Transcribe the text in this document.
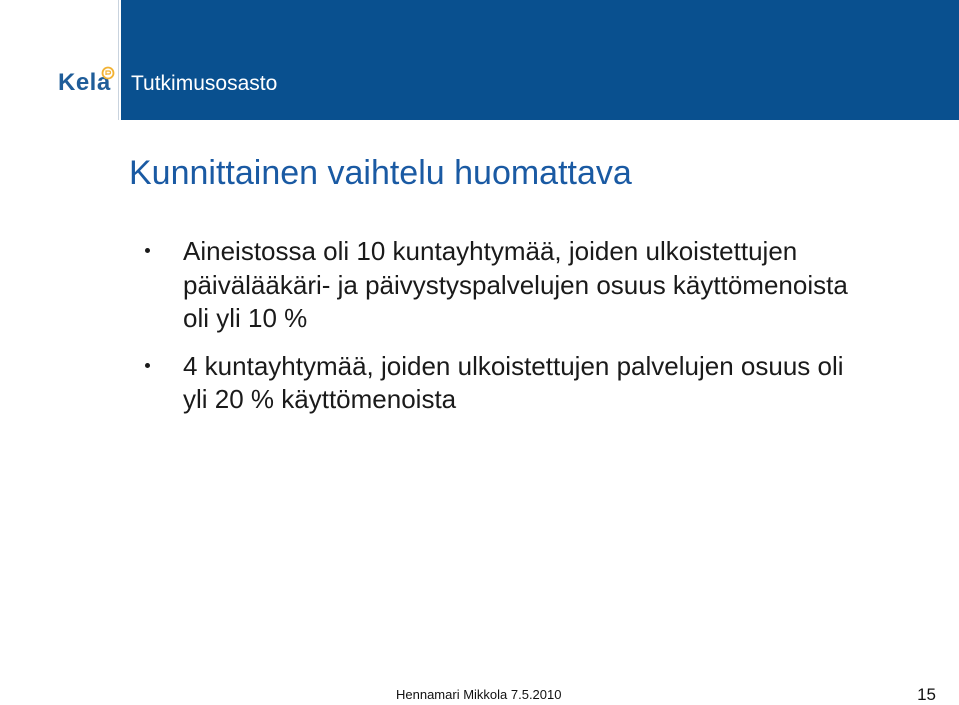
Kela Tutkimusosasto
Kunnittainen vaihtelu huomattava
Aineistossa oli 10 kuntayhtymää, joiden ulkoistettujen päivälääkäri- ja päivystyspalvelujen osuus käyttömenoista oli yli 10 %
4 kuntayhtymää, joiden ulkoistettujen palvelujen osuus oli yli 20 % käyttömenoista
Hennamari Mikkola 7.5.2010	15
